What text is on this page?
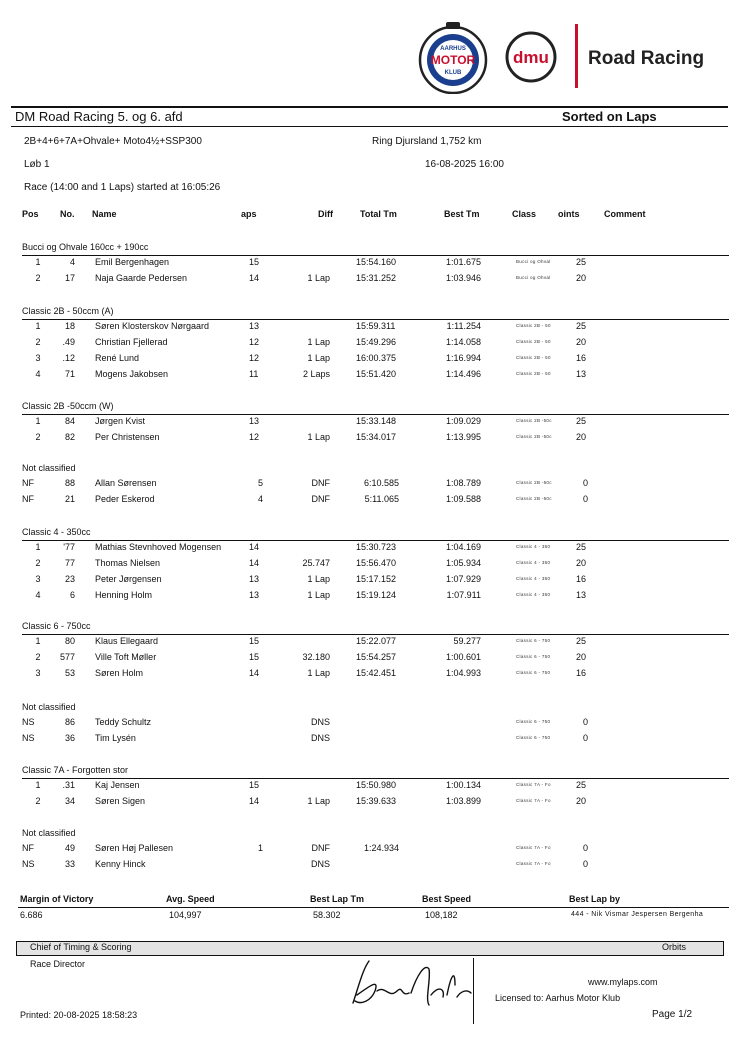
AARHUS
MOTOR
KLUB
dmu Road Racing
DM Road Racing 5. og 6. afd	Sorted on Laps
2B+4+6+7A+Ohvale+ Moto4½+SSP300	Ring Djursland 1,752 km
Løb 1	16-08-2025 16:00
Race (14:00 and 1 Laps) started at 16:05:26
Pos No. Name	aps	Diff	Total Tm	Best Tm	Class oints	Comment
Bucci og Ohvale 160cc + 190cc
1	4 Emil Bergenhagen	15	15:54.160	1:01.675	Bucci og Ohval	25
2	17 Naja Gaarde Pedersen	14	1 Lap	15:31.252	1:03.946	Bucci og Ohval	20
Classic 2B - 50ccm (A)
1	18 Søren Klosterskov Nørgaard	13	15:59.311	1:11.254	Classic 2B - 50	25
2	.49 Christian Fjellerad	12	1 Lap	15:49.296	1:14.058	Classic 2B - 50	20
3	.12 René Lund	12	1 Lap	16:00.375	1:16.994	Classic 2B - 50	16
4	71 Mogens Jakobsen	11	2 Laps	15:51.420	1:14.496	Classic 2B - 50	13
Classic 2B -50ccm (W)
1	84 Jørgen Kvist	13	15:33.148	1:09.029	Classic 2B -50c	25
2	82 Per Christensen	12	1 Lap	15:34.017	1:13.995	Classic 2B -50c	20
Not classified
NF	88 Allan Sørensen	5	DNF	6:10.585	1:08.789	Classic 2B -50c	0
NF	21 Peder Eskerod	4	DNF	5:11.065	1:09.588	Classic 2B -50c	0
Classic 4 - 350cc
1	'77 Mathias Stevnhoved Mogensen	14	15:30.723	1:04.169	Classic 4 - 350	25
2	77 Thomas Nielsen	14	25.747	15:56.470	1:05.934	Classic 4 - 350	20
3	23 Peter Jørgensen	13	1 Lap	15:17.152	1:07.929	Classic 4 - 350	16
4	6 Henning Holm	13	1 Lap	15:19.124	1:07.911	Classic 4 - 350	13
Classic 6 - 750cc
1	80 Klaus Ellegaard	15	15:22.077	59.277	Classic 6 - 750	25
2	577 Ville Toft Møller	15	32.180	15:54.257	1:00.601	Classic 6 - 750	20
3	53 Søren Holm	14	1 Lap	15:42.451	1:04.993	Classic 6 - 750	16
Not classified
NS	86 Teddy Schultz	DNS	Classic 6 - 750	0
NS	36 Tim Lysén	DNS	Classic 6 - 750	0
Classic 7A - Forgotten stor
1	.31 Kaj Jensen	15	15:50.980	1:00.134	Classic 7A - Fo	25
2	34 Søren Sigen	14	1 Lap	15:39.633	1:03.899	Classic 7A - Fo	20
Not classified
NF	49 Søren Høj Pallesen	1	DNF	1:24.934	Classic 7A - Fo	0
NS	33 Kenny Hinck	DNS	Classic 7A - Fo	0
Margin of Victory	Avg. Speed	Best Lap Tm	Best Speed	Best Lap by
6.686	104,997	58.302	108,182	444 - Nik Vismar Jespersen Bergenha
Chief of Timing & Scoring	Orbits
Race Director
www.mylaps.com
Licensed to: Aarhus Motor Klub
Printed: 20-08-2025 18:58:23	Page 1/2
